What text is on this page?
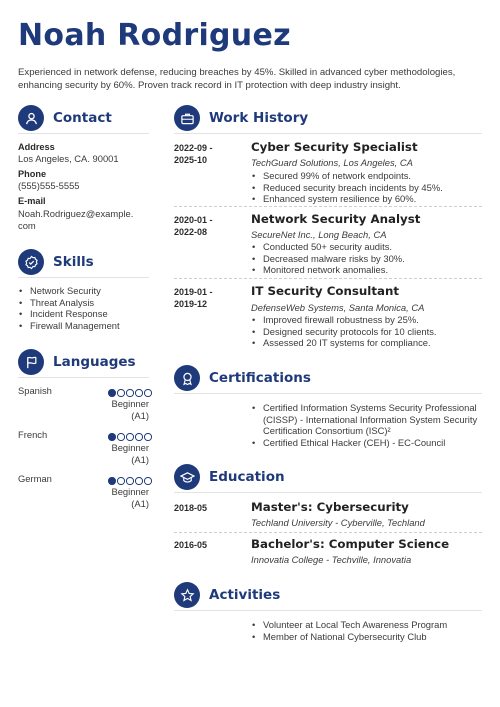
Noah Rodriguez
Experienced in network defense, reducing breaches by 45%. Skilled in advanced cyber methodologies, enhancing security by 60%. Proven track record in IT protection with deep industry insight.
Contact
Address
Los Angeles, CA. 90001
Phone
(555)555-5555
E-mail
Noah.Rodriguez@example.
com
Skills
• Network Security
• Threat Analysis
• Incident Response
• Firewall Management
Languages
Spanish
Beginner
(A1)
French
Beginner
(A1)
German
Beginner
(A1)
Work History
2022-09 -
2025-10
Cyber Security Specialist
TechGuard Solutions, Los Angeles, CA
• Secured 99% of network endpoints.
• Reduced security breach incidents by 45%.
• Enhanced system resilience by 60%.
2020-01 -
2022-08
Network Security Analyst
SecureNet Inc., Long Beach, CA
• Conducted 50+ security audits.
• Decreased malware risks by 30%.
• Monitored network anomalies.
2019-01 -
2019-12
IT Security Consultant
DefenseWeb Systems, Santa Monica, CA
• Improved firewall robustness by 25%.
• Designed security protocols for 10 clients.
• Assessed 20 IT systems for compliance.
Certifications
• Certified Information Systems Security Professional (CISSP) - International Information System Security Certification Consortium (ISC)²
• Certified Ethical Hacker (CEH) - EC-Council
Education
2018-05	Master's: Cybersecurity
Techland University - Cyberville, Techland
2016-05	Bachelor's: Computer Science
Innovatia College - Techville, Innovatia
Activities
• Volunteer at Local Tech Awareness Program
• Member of National Cybersecurity Club
